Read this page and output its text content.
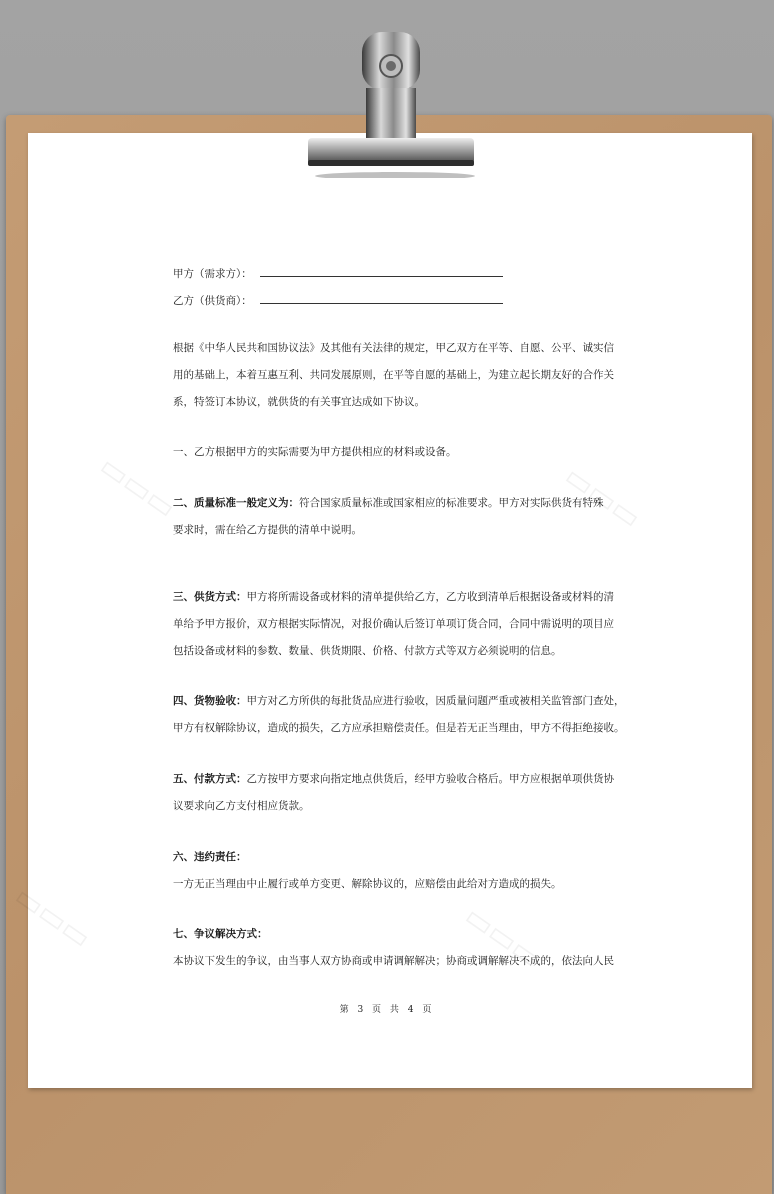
▭▭▭	▭▭▭
▭▭▭	▭▭▭
甲方（需求方）：
乙方（供货商）：
根据《中华人民共和国协议法》及其他有关法律的规定，甲乙双方在平等、自愿、公平、诚实信
用的基础上，本着互惠互利、共同发展原则，在平等自愿的基础上，为建立起长期友好的合作关
系，特签订本协议，就供货的有关事宜达成如下协议。
一、乙方根据甲方的实际需要为甲方提供相应的材料或设备。
二、质量标准一般定义为：符合国家质量标准或国家相应的标准要求。甲方对实际供货有特殊
要求时，需在给乙方提供的清单中说明。
三、供货方式：甲方将所需设备或材料的清单提供给乙方，乙方收到清单后根据设备或材料的清
单给予甲方报价，双方根据实际情况，对报价确认后签订单项订货合同，合同中需说明的项目应
包括设备或材料的参数、数量、供货期限、价格、付款方式等双方必须说明的信息。
四、货物验收：甲方对乙方所供的每批货品应进行验收，因质量问题严重或被相关监管部门查处，
甲方有权解除协议，造成的损失，乙方应承担赔偿责任。但是若无正当理由，甲方不得拒绝接收。
五、付款方式：乙方按甲方要求向指定地点供货后，经甲方验收合格后。甲方应根据单项供货协
议要求向乙方支付相应货款。
六、违约责任：
一方无正当理由中止履行或单方变更、解除协议的，应赔偿由此给对方造成的损失。
七、争议解决方式：
本协议下发生的争议，由当事人双方协商或申请调解解决；协商或调解解决不成的，依法向人民
第 3 页 共 4 页
